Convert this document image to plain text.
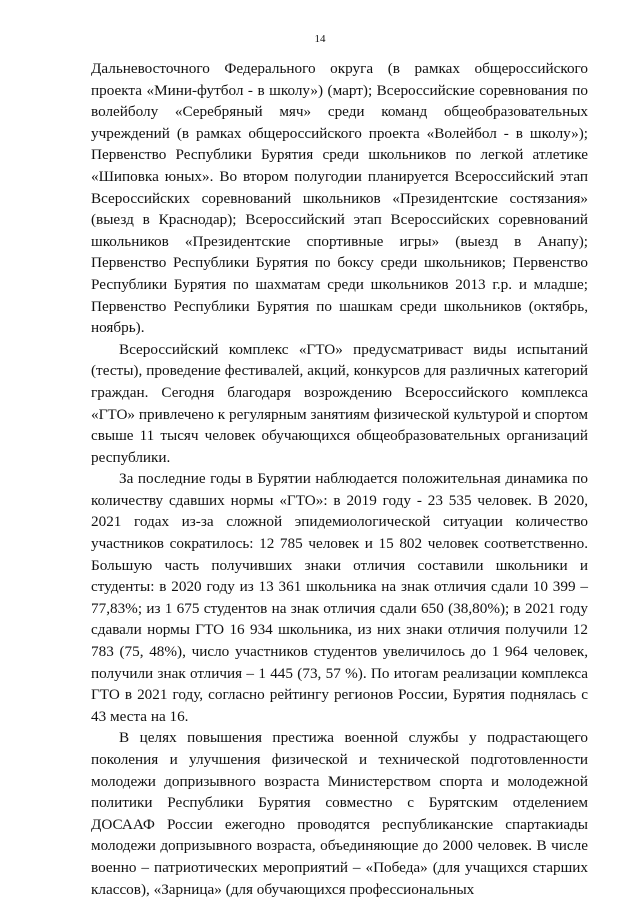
14

Дальневосточного Федерального округа (в рамках общероссийского проекта «Мини-футбол - в школу») (март); Всероссийские соревнования по волейболу «Серебряный мяч» среди команд общеобразовательных учреждений (в рамках общероссийского проекта «Волейбол - в школу»); Первенство Республики Бурятия среди школьников по легкой атлетике «Шиповка юных». Во втором полугодии планируется Всероссийский этап Всероссийских соревнований школьников «Президентские состязания» (выезд в Краснодар); Всероссийский этап Всероссийских соревнований школьников «Президентские спортивные игры» (выезд в Анапу); Первенство Республики Бурятия по боксу среди школьников; Первенство Республики Бурятия по шахматам среди школьников 2013 г.р. и младше; Первенство Республики Бурятия по шашкам среди школьников (октябрь, ноябрь).

Всероссийский комплекс «ГТО» предусматриваст виды испытаний (тесты), проведение фестивалей, акций, конкурсов для различных категорий граждан. Сегодня благодаря возрождению Всероссийского комплекса «ГТО» привлечено к регулярным занятиям физической культурой и спортом свыше 11 тысяч человек обучающихся общеобразовательных организаций республики.

За последние годы в Бурятии наблюдается положительная динамика по количеству сдавших нормы «ГТО»: в 2019 году - 23 535 человек. В 2020, 2021 годах из-за сложной эпидемиологической ситуации количество участников сократилось: 12 785 человек и 15 802 человек соответственно. Большую часть получивших знаки отличия составили школьники и студенты: в 2020 году из 13 361 школьника на знак отличия сдали 10 399 – 77,83%; из 1 675 студентов на знак отличия сдали 650 (38,80%); в 2021 году сдавали нормы ГТО 16 934 школьника, из них знаки отличия получили 12 783 (75, 48%), число участников студентов увеличилось до 1 964 человек, получили знак отличия – 1 445 (73, 57 %). По итогам реализации комплекса ГТО в 2021 году, согласно рейтингу регионов России, Бурятия поднялась с 43 места на 16.

В целях повышения престижа военной службы у подрастающего поколения и улучшения физической и технической подготовленности молодежи допризывного возраста Министерством спорта и молодежной политики Республики Бурятия совместно с Бурятским отделением ДОСААФ России ежегодно проводятся республиканские спартакиады молодежи допризывного возраста, объединяющие до 2000 человек. В числе военно – патриотических мероприятий – «Победа» (для учащихся старших классов), «Зарница» (для обучающихся профессиональных
